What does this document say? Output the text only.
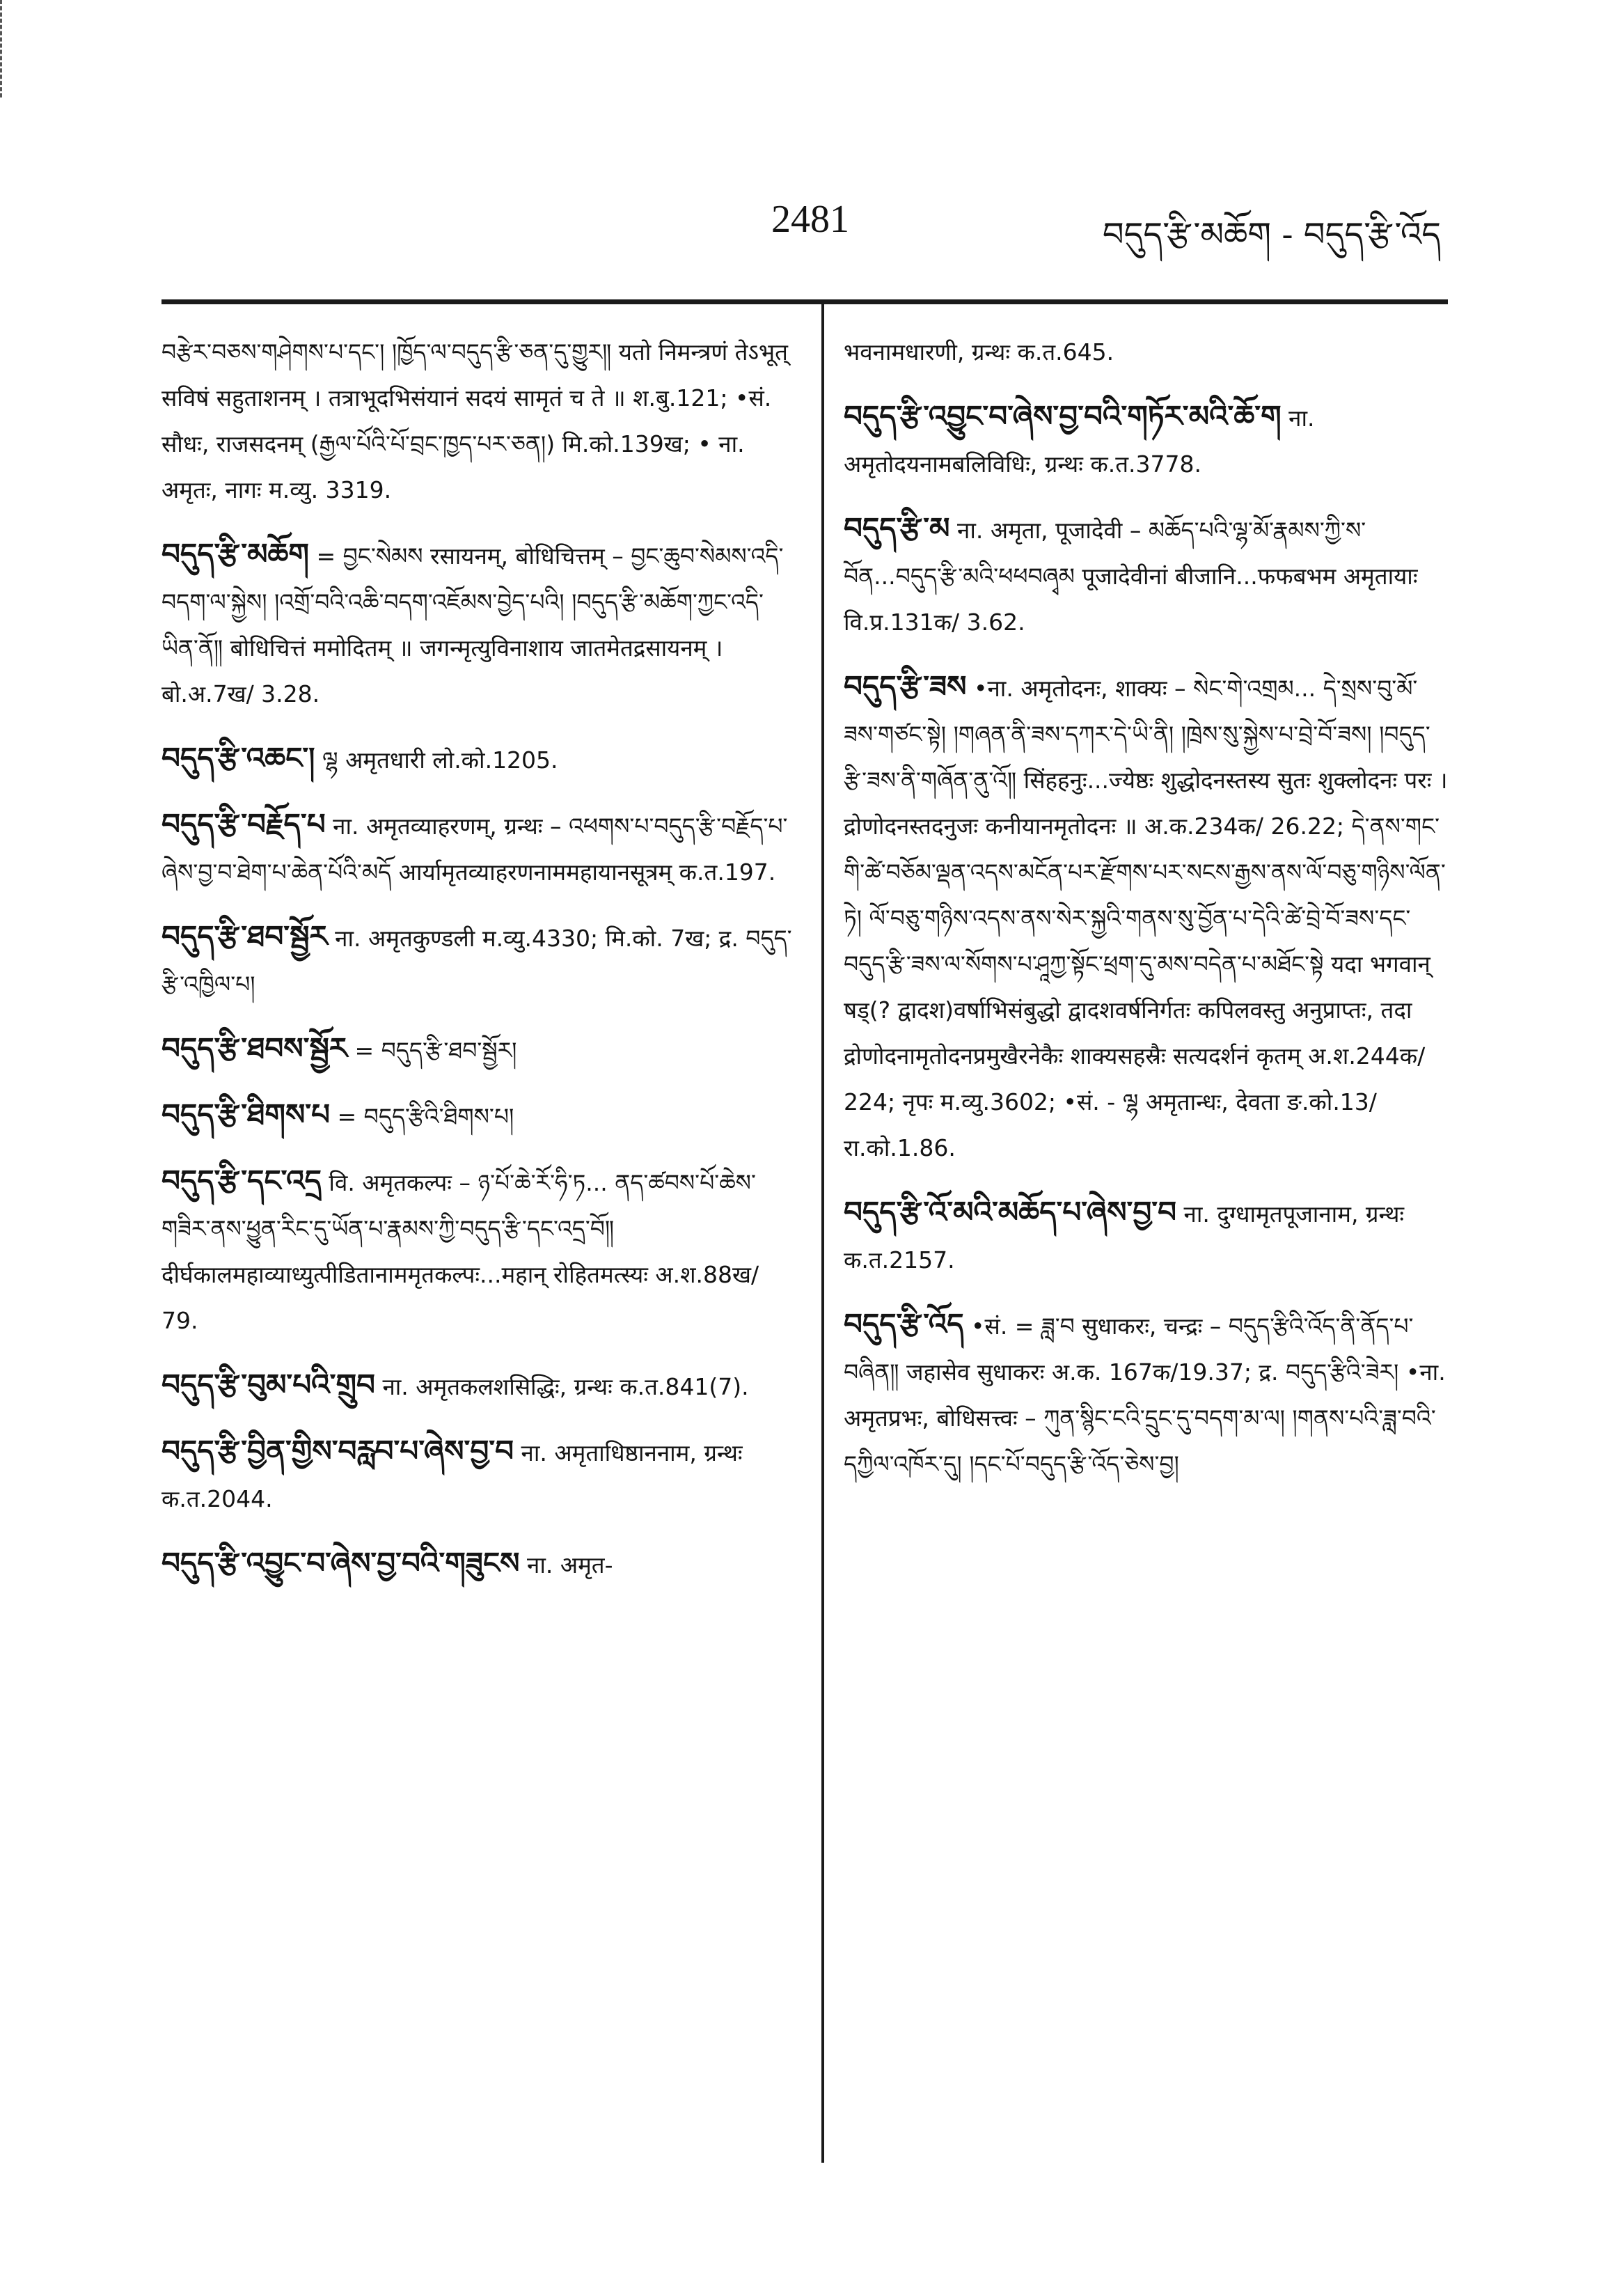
2481	བདུད་རྩི་མཆོག - བདུད་རྩི་འོད

བརྩེར་བཅས་གཤེགས་པ་དང་། །ཁྱོད་ལ་བདུད་རྩི་ཅན་དུ་གྱུར༎ यतो निमन्त्रणं तेऽभूत् सविषं सहुताशनम् । तत्राभूदभिसंयानं सदयं सामृतं च ते ॥ श.बु.121; •सं. सौधः, राजसदनम् (རྒྱལ་པོའི་པོ་བྲང་ཁྱད་པར་ཅན།) मि.को.139ख; • ना. अमृतः, नागः म.व्यु. 3319.

བདུད་རྩི་མཆོག = བྱང་སེམས रसायनम्, बोधिचित्तम् – བྱང་ཆུབ་སེམས་འདི་བདག་ལ་སྐྱེས། །འགྲོ་བའི་འཆི་བདག་འཇོམས་བྱེད་པའི། །བདུད་རྩི་མཆོག་ཀྱང་འདི་ཡིན་ནོ༎ बोधिचित्तं ममोदितम् ॥ जगन्मृत्युविनाशाय जातमेतद्रसायनम् । बो.अ.7ख/ 3.28.

བདུད་རྩི་འཆང་། ལྷ अमृतधारी लो.को.1205.

བདུད་རྩི་བརྗོད་པ ना. अमृतव्याहरणम्, ग्रन्थः – འཕགས་པ་བདུད་རྩི་བརྗོད་པ་ཞེས་བྱ་བ་ཐེག་པ་ཆེན་པོའི་མདོ आर्यामृतव्याहरणनाममहायानसूत्रम् क.त.197.

བདུད་རྩི་ཐབ་སྦྱོར ना. अमृतकुण्डली म.व्यु.4330; मि.को. 7ख; द्र. བདུད་རྩི་འཁྱིལ་པ།

བདུད་རྩི་ཐབས་སྦྱོར = བདུད་རྩི་ཐབ་སྦྱོར།

བདུད་རྩི་ཐིགས་པ = བདུད་རྩིའི་ཐིགས་པ།

བདུད་རྩི་དང་འདྲ वि. अमृतकल्पः – ཉ་པོ་ཆེ་རོ་ཧི་ཏ... ནད་ཚབས་པོ་ཆེས་གཟིར་ནས་ཕྱུན་རིང་དུ་ཡོན་པ་རྣམས་ཀྱི་བདུད་རྩི་དང་འདྲ་བོ༎ दीर्घकालमहाव्याध्युत्पीडितानाममृतकल्पः...महान् रोहितमत्स्यः अ.श.88ख/ 79.

བདུད་རྩི་བུམ་པའི་གྲུབ ना. अमृतकलशसिद्धिः, ग्रन्थः क.त.841(7).

བདུད་རྩི་བྱིན་གྱིས་བརླབ་པ་ཞེས་བྱ་བ ना. अमृताधिष्ठाननाम, ग्रन्थः क.त.2044.

བདུད་རྩི་འབྱུང་བ་ཞེས་བྱ་བའི་གཟུངས ना. अमृत-

भवनामधारणी, ग्रन्थः क.त.645.

བདུད་རྩི་འབྱུང་བ་ཞེས་བྱ་བའི་གཏོར་མའི་ཆོ་ག ना. अमृतोदयनामबलिविधिः, ग्रन्थः क.त.3778.

བདུད་རྩི་མ ना. अमृता, पूजादेवी – མཆོད་པའི་ལྷ་མོ་རྣམས་ཀྱི་ས་བོན...བདུད་རྩི་མའི་ཕཕབཞྭམ पूजादेवीनां बीजानि...फफबभम अमृतायाः वि.प्र.131क/ 3.62.

བདུད་རྩི་ཟས •ना. अमृतोदनः, शाक्यः – སེང་གེ་འགྲམ... དེ་སྲས་བུ་མོ་ཟས་གཙང་སྟེ། །གཞན་ནི་ཟས་དཀར་དེ་ཡི་ནི། །ཁྲེས་སུ་སྐྱེས་པ་བྲེ་བོ་ཟས། །བདུད་རྩི་ཟས་ནི་གཞོན་ནུ་འོ༎ सिंहहनुः...ज्येष्ठः शुद्धोदनस्तस्य सुतः शुक्लोदनः परः । द्रोणोदनस्तदनुजः कनीयानमृतोदनः ॥ अ.क.234क/ 26.22; དེ་ནས་གང་གི་ཚེ་བཅོམ་ལྡན་འདས་མངོན་པར་རྫོགས་པར་སངས་རྒྱས་ནས་ལོ་བཅུ་གཉིས་ལོན་ཏེ། ལོ་བཅུ་གཉིས་འདས་ནས་སེར་སྐྱའི་གནས་སུ་བྱོན་པ་དེའི་ཚེ་བྲེ་བོ་ཟས་དང་བདུད་རྩི་ཟས་ལ་སོགས་པ་ཤཱཀྱ་སྟོང་ཕྲག་དུ་མས་བདེན་པ་མཐོང་སྟེ यदा भगवान् षड्(? द्वादश)वर्षाभिसंबुद्धो द्वादशवर्षनिर्गतः कपिलवस्तु अनुप्राप्तः, तदा द्रोणोदनामृतोदनप्रमुखैरनेकैः शाक्यसहस्रैः सत्यदर्शनं कृतम् अ.श.244क/ 224; नृपः म.व्यु.3602; •सं. - ལྷ अमृतान्धः, देवता ङ.को.13/रा.को.1.86.

བདུད་རྩི་འོ་མའི་མཆོད་པ་ཞེས་བྱ་བ ना. दुग्धामृतपूजानाम, ग्रन्थः क.त.2157.

བདུད་རྩི་འོད •सं. = ཟླ་བ सुधाकरः, चन्द्रः – བདུད་རྩིའི་འོད་ནི་ནོད་པ་བཞིན༎ जहासेव सुधाकरः अ.क. 167क/19.37; द्र. བདུད་རྩིའི་ཟེར། •ना. अमृतप्रभः, बोधिसत्त्वः – ཀུན་སྙིང་ངའི་དྲུང་དུ་བདག་མ་ལ། །གནས་པའི་ཟླ་བའི་དཀྱིལ་འཁོར་དུ། །དང་པོ་བདུད་རྩི་འོད་ཅེས་བྱ།
